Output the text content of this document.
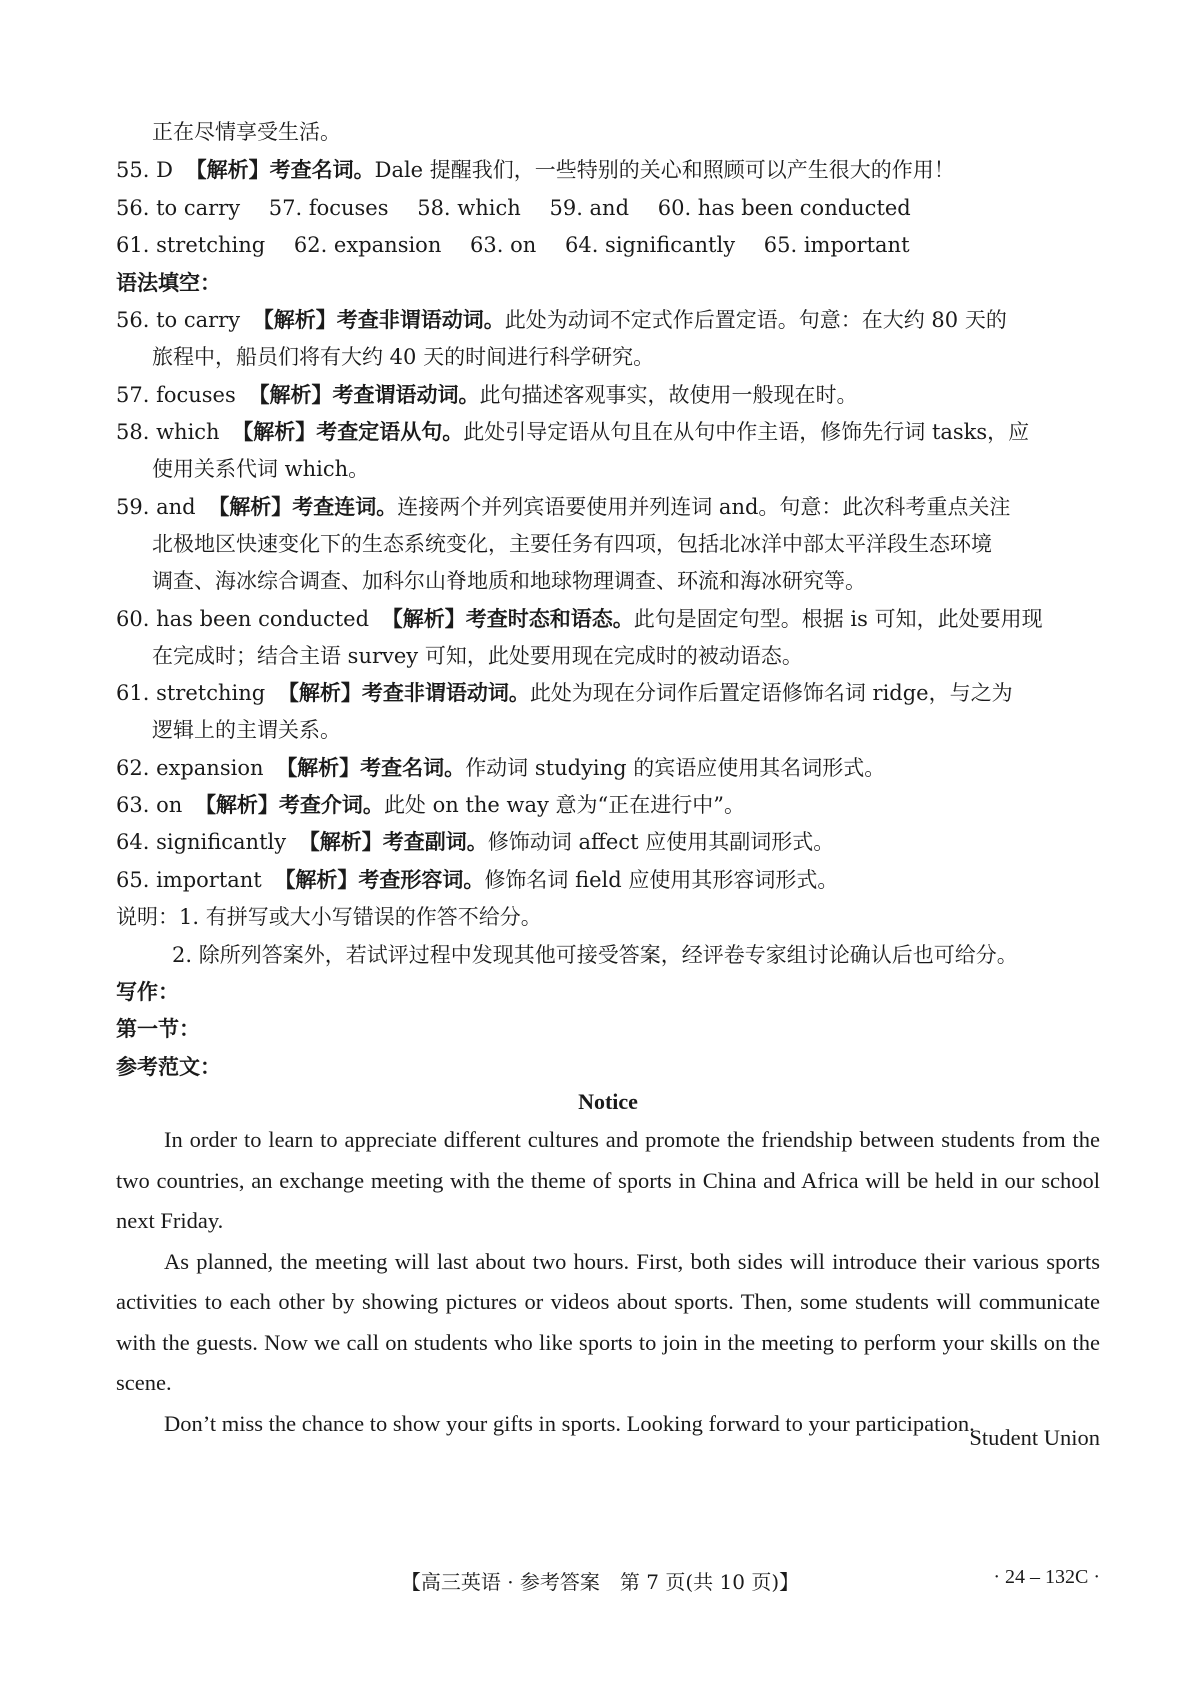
正在尽情享受生活。
55. D 【解析】考查名词。Dale 提醒我们，一些特别的关心和照顾可以产生很大的作用！
56. to carry 57. focuses 58. which 59. and 60. has been conducted
61. stretching 62. expansion 63. on 64. significantly 65. important
语法填空：
56. to carry 【解析】考查非谓语动词。此处为动词不定式作后置定语。句意：在大约 80 天的
旅程中，船员们将有大约 40 天的时间进行科学研究。
57. focuses 【解析】考查谓语动词。此句描述客观事实，故使用一般现在时。
58. which 【解析】考查定语从句。此处引导定语从句且在从句中作主语，修饰先行词 tasks，应
使用关系代词 which。
59. and 【解析】考查连词。连接两个并列宾语要使用并列连词 and。句意：此次科考重点关注
北极地区快速变化下的生态系统变化，主要任务有四项，包括北冰洋中部太平洋段生态环境
调查、海冰综合调查、加科尔山脊地质和地球物理调查、环流和海冰研究等。
60. has been conducted 【解析】考查时态和语态。此句是固定句型。根据 is 可知，此处要用现
在完成时；结合主语 survey 可知，此处要用现在完成时的被动语态。
61. stretching 【解析】考查非谓语动词。此处为现在分词作后置定语修饰名词 ridge，与之为
逻辑上的主谓关系。
62. expansion 【解析】考查名词。作动词 studying 的宾语应使用其名词形式。
63. on 【解析】考查介词。此处 on the way 意为“正在进行中”。
64. significantly 【解析】考查副词。修饰动词 affect 应使用其副词形式。
65. important 【解析】考查形容词。修饰名词 field 应使用其形容词形式。
说明：1. 有拼写或大小写错误的作答不给分。
2. 除所列答案外，若试评过程中发现其他可接受答案，经评卷专家组讨论确认后也可给分。
写作：
第一节：
参考范文：
Notice

In order to learn to appreciate different cultures and promote the friendship between students from the two countries, an exchange meeting with the theme of sports in China and Africa will be held in our school next Friday.

As planned, the meeting will last about two hours. First, both sides will introduce their various sports activities to each other by showing pictures or videos about sports. Then, some students will communicate with the guests. Now we call on students who like sports to join in the meeting to perform your skills on the scene.

Don’t miss the chance to show your gifts in sports. Looking forward to your participation.

Student Union
【高三英语 · 参考答案　第 7 页(共 10 页)】	· 24 – 132C ·
